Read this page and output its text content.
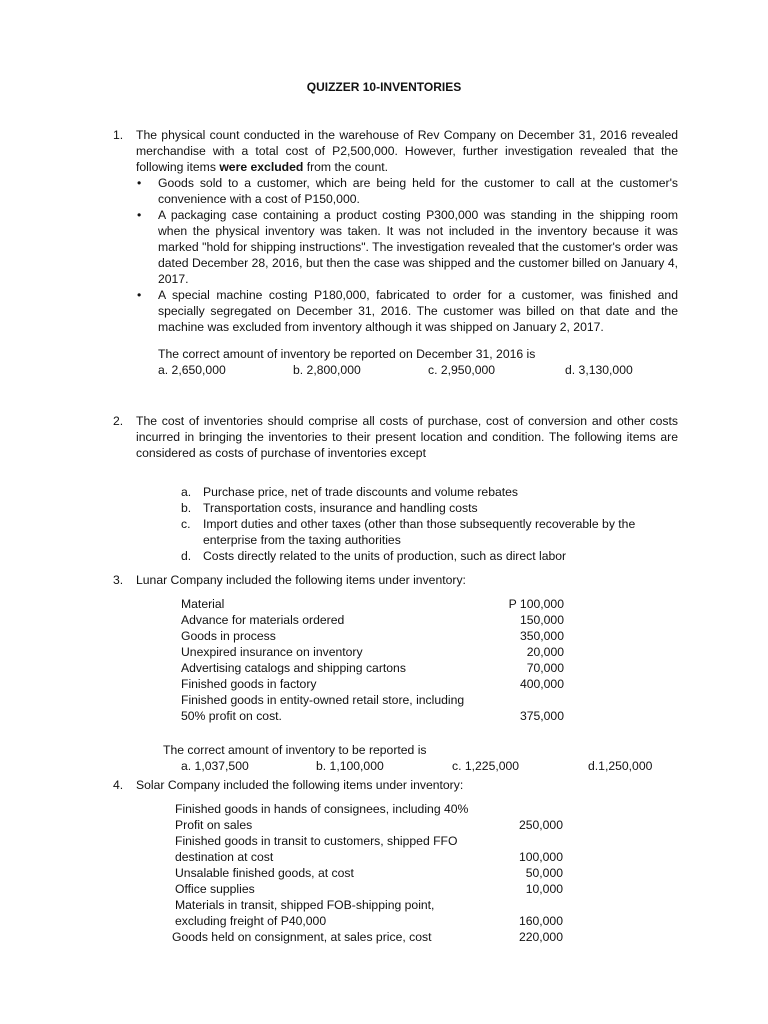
QUIZZER 10-INVENTORIES
1. The physical count conducted in the warehouse of Rev Company on December 31, 2016 revealed merchandise with a total cost of P2,500,000. However, further investigation revealed that the following items were excluded from the count.
• Goods sold to a customer, which are being held for the customer to call at the customer's convenience with a cost of P150,000.
• A packaging case containing a product costing P300,000 was standing in the shipping room when the physical inventory was taken. It was not included in the inventory because it was marked "hold for shipping instructions". The investigation revealed that the customer's order was dated December 28, 2016, but then the case was shipped and the customer billed on January 4, 2017.
• A special machine costing P180,000, fabricated to order for a customer, was finished and specially segregated on December 31, 2016. The customer was billed on that date and the machine was excluded from inventory although it was shipped on January 2, 2017.
The correct amount of inventory be reported on December 31, 2016 is
a. 2,650,000	b. 2,800,000	c. 2,950,000	d. 3,130,000
2. The cost of inventories should comprise all costs of purchase, cost of conversion and other costs incurred in bringing the inventories to their present location and condition. The following items are considered as costs of purchase of inventories except
a. Purchase price, net of trade discounts and volume rebates
b. Transportation costs, insurance and handling costs
c. Import duties and other taxes (other than those subsequently recoverable by the enterprise from the taxing authorities
d. Costs directly related to the units of production, such as direct labor
3. Lunar Company included the following items under inventory:
Material	P 100,000
Advance for materials ordered	150,000
Goods in process	350,000
Unexpired insurance on inventory	20,000
Advertising catalogs and shipping cartons	70,000
Finished goods in factory	400,000
Finished goods in entity-owned retail store, including
50% profit on cost.	375,000
The correct amount of inventory to be reported is
a. 1,037,500	b. 1,100,000	c. 1,225,000	d.1,250,000
4. Solar Company included the following items under inventory:
Finished goods in hands of consignees, including 40%
Profit on sales	250,000
Finished goods in transit to customers, shipped FFO
destination at cost	100,000
Unsalable finished goods, at cost	50,000
Office supplies	10,000
Materials in transit, shipped FOB-shipping point,
excluding freight of P40,000	160,000
Goods held on consignment, at sales price, cost	220,000
